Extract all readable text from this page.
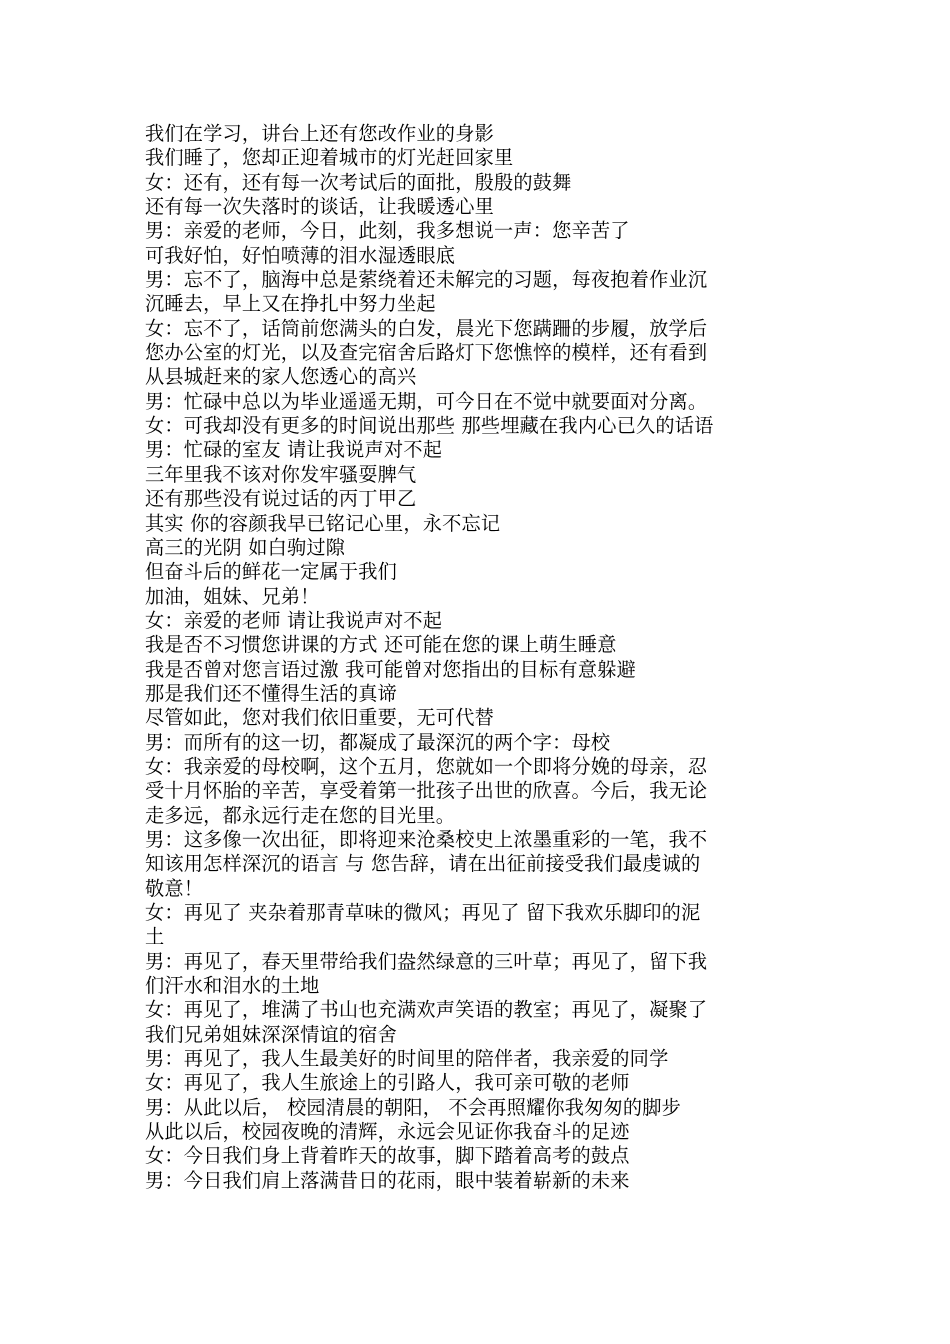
我们在学习，讲台上还有您改作业的身影
我们睡了，您却正迎着城市的灯光赶回家里
女：还有，还有每一次考试后的面批，殷殷的鼓舞
还有每一次失落时的谈话，让我暖透心里
男：亲爱的老师，今日，此刻，我多想说一声：您辛苦了
可我好怕，好怕喷薄的泪水湿透眼底
男：忘不了，脑海中总是萦绕着还未解完的习题，每夜抱着作业沉
沉睡去，早上又在挣扎中努力坐起
女：忘不了，话筒前您满头的白发，晨光下您蹒跚的步履，放学后
您办公室的灯光，以及查完宿舍后路灯下您憔悴的模样，还有看到
从县城赶来的家人您透心的高兴
男：忙碌中总以为毕业遥遥无期，可今日在不觉中就要面对分离。
女：可我却没有更多的时间说出那些 那些埋藏在我内心已久的话语
男：忙碌的室友 请让我说声对不起
三年里我不该对你发牢骚耍脾气
还有那些没有说过话的丙丁甲乙
其实 你的容颜我早已铭记心里，永不忘记
高三的光阴 如白驹过隙
但奋斗后的鲜花一定属于我们
加油，姐妹、兄弟！
女：亲爱的老师 请让我说声对不起
我是否不习惯您讲课的方式 还可能在您的课上萌生睡意
我是否曾对您言语过激 我可能曾对您指出的目标有意躲避
那是我们还不懂得生活的真谛
尽管如此，您对我们依旧重要，无可代替
男：而所有的这一切，都凝成了最深沉的两个字：母校
女：我亲爱的母校啊，这个五月，您就如一个即将分娩的母亲，忍
受十月怀胎的辛苦，享受着第一批孩子出世的欣喜。今后，我无论
走多远，都永远行走在您的目光里。
男：这多像一次出征，即将迎来沧桑校史上浓墨重彩的一笔，我不
知该用怎样深沉的语言 与 您告辞，请在出征前接受我们最虔诚的
敬意！
女：再见了 夹杂着那青草味的微风；再见了 留下我欢乐脚印的泥
土
男：再见了，春天里带给我们盎然绿意的三叶草；再见了，留下我
们汗水和泪水的土地
女：再见了，堆满了书山也充满欢声笑语的教室；再见了，凝聚了
我们兄弟姐妹深深情谊的宿舍
男：再见了，我人生最美好的时间里的陪伴者，我亲爱的同学
女：再见了，我人生旅途上的引路人，我可亲可敬的老师
男：从此以后， 校园清晨的朝阳， 不会再照耀你我匆匆的脚步
从此以后，校园夜晚的清辉，永远会见证你我奋斗的足迹
女：今日我们身上背着昨天的故事，脚下踏着高考的鼓点
男：今日我们肩上落满昔日的花雨，眼中装着崭新的未来
